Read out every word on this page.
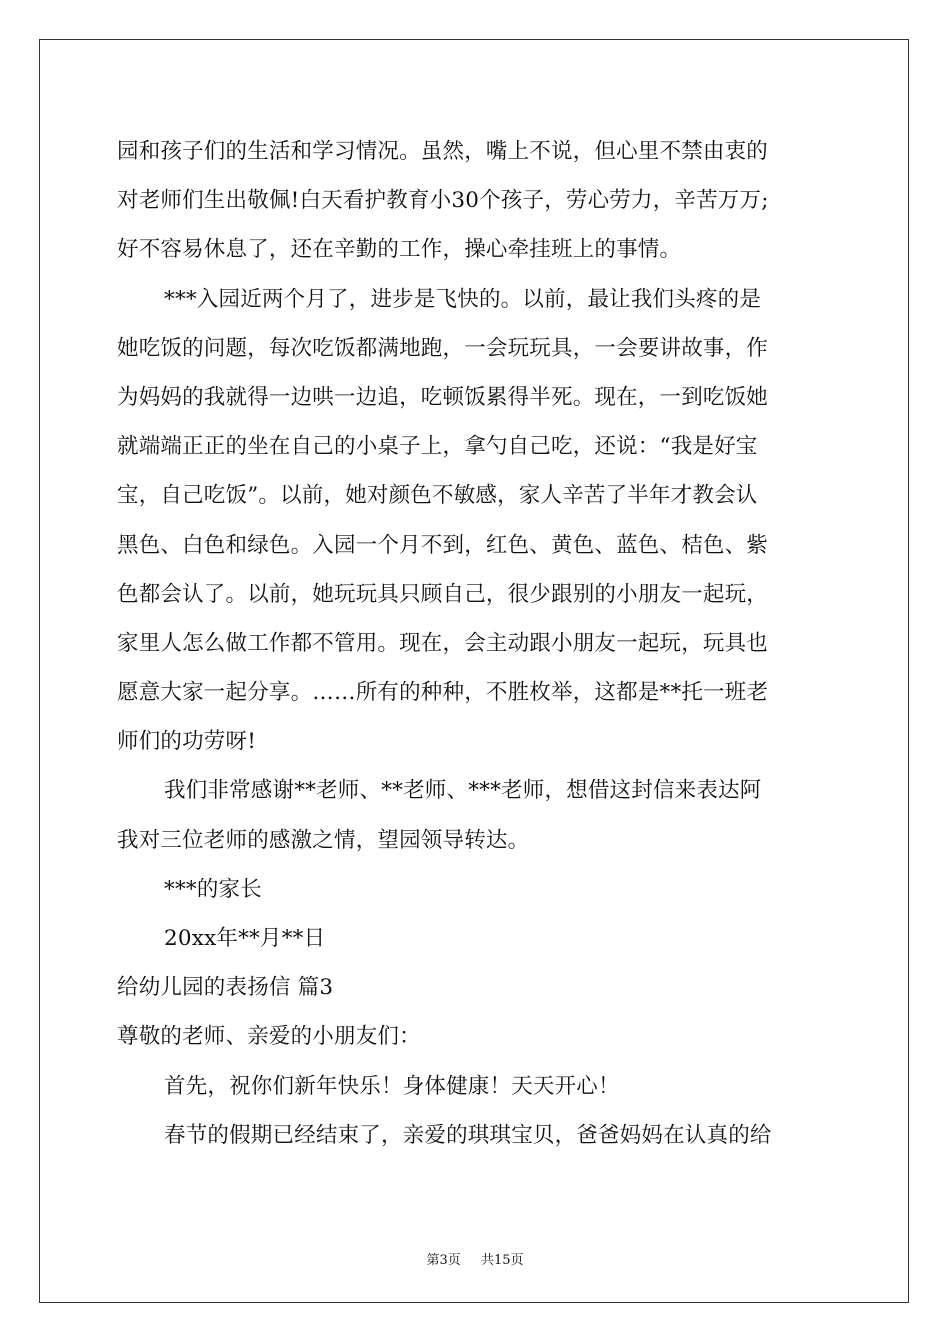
园和孩子们的生活和学习情况。虽然，嘴上不说，但心里不禁由衷的
对老师们生出敬佩!白天看护教育小30个孩子，劳心劳力，辛苦万万;
好不容易休息了，还在辛勤的工作，操心牵挂班上的事情。
***入园近两个月了，进步是飞快的。以前，最让我们头疼的是
她吃饭的问题，每次吃饭都满地跑，一会玩玩具，一会要讲故事，作
为妈妈的我就得一边哄一边追，吃顿饭累得半死。现在，一到吃饭她
就端端正正的坐在自己的小桌子上，拿勺自己吃，还说：“我是好宝
宝，自己吃饭”。以前，她对颜色不敏感，家人辛苦了半年才教会认
黑色、白色和绿色。入园一个月不到，红色、黄色、蓝色、桔色、紫
色都会认了。以前，她玩玩具只顾自己，很少跟别的小朋友一起玩，
家里人怎么做工作都不管用。现在，会主动跟小朋友一起玩，玩具也
愿意大家一起分享。……所有的种种，不胜枚举，这都是**托一班老
师们的功劳呀!
我们非常感谢**老师、**老师、***老师，想借这封信来表达阿
我对三位老师的感激之情，望园领导转达。
***的家长
20xx年**月**日
给幼儿园的表扬信 篇3
尊敬的老师、亲爱的小朋友们：
首先，祝你们新年快乐！身体健康！天天开心！
春节的假期已经结束了，亲爱的琪琪宝贝，爸爸妈妈在认真的给
第3页 共15页
